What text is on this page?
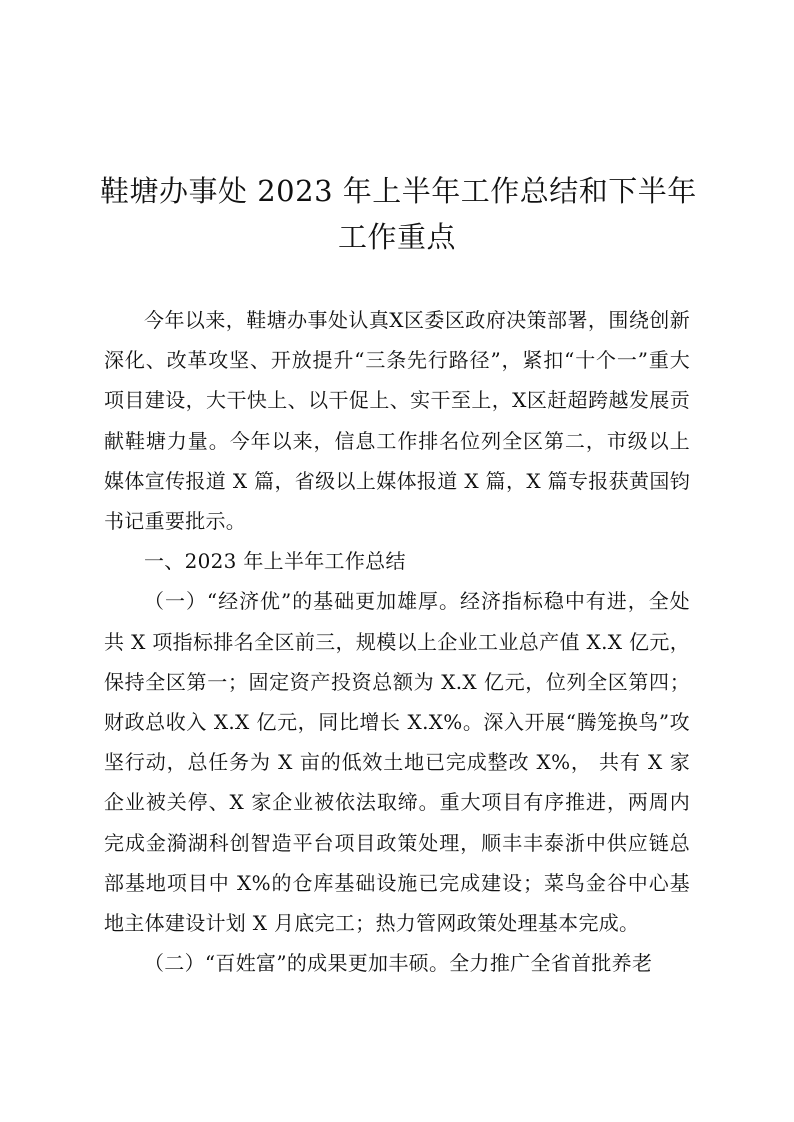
鞋塘办事处 2023 年上半年工作总结和下半年
工作重点

今年以来，鞋塘办事处认真X区委区政府决策部署，围绕创新深化、改革攻坚、开放提升“三条先行路径”，紧扣“十个一”重大项目建设，大干快上、以干促上、实干至上，X区赶超跨越发展贡献鞋塘力量。今年以来，信息工作排名位列全区第二，市级以上媒体宣传报道 X 篇，省级以上媒体报道 X 篇，X 篇专报获黄国钧书记重要批示。

一、2023 年上半年工作总结

（一）“经济优”的基础更加雄厚。经济指标稳中有进，全处共 X 项指标排名全区前三，规模以上企业工业总产值 X.X 亿元，保持全区第一；固定资产投资总额为 X.X 亿元，位列全区第四；财政总收入 X.X 亿元，同比增长 X.X%。深入开展“腾笼换鸟”攻坚行动，总任务为 X 亩的低效土地已完成整改 X%， 共有 X 家企业被关停、X 家企业被依法取缔。重大项目有序推进，两周内完成金漪湖科创智造平台项目政策处理，顺丰丰泰浙中供应链总部基地项目中 X%的仓库基础设施已完成建设；菜鸟金谷中心基地主体建设计划 X 月底完工；热力管网政策处理基本完成。

（二）“百姓富”的成果更加丰硕。全力推广全省首批养老
